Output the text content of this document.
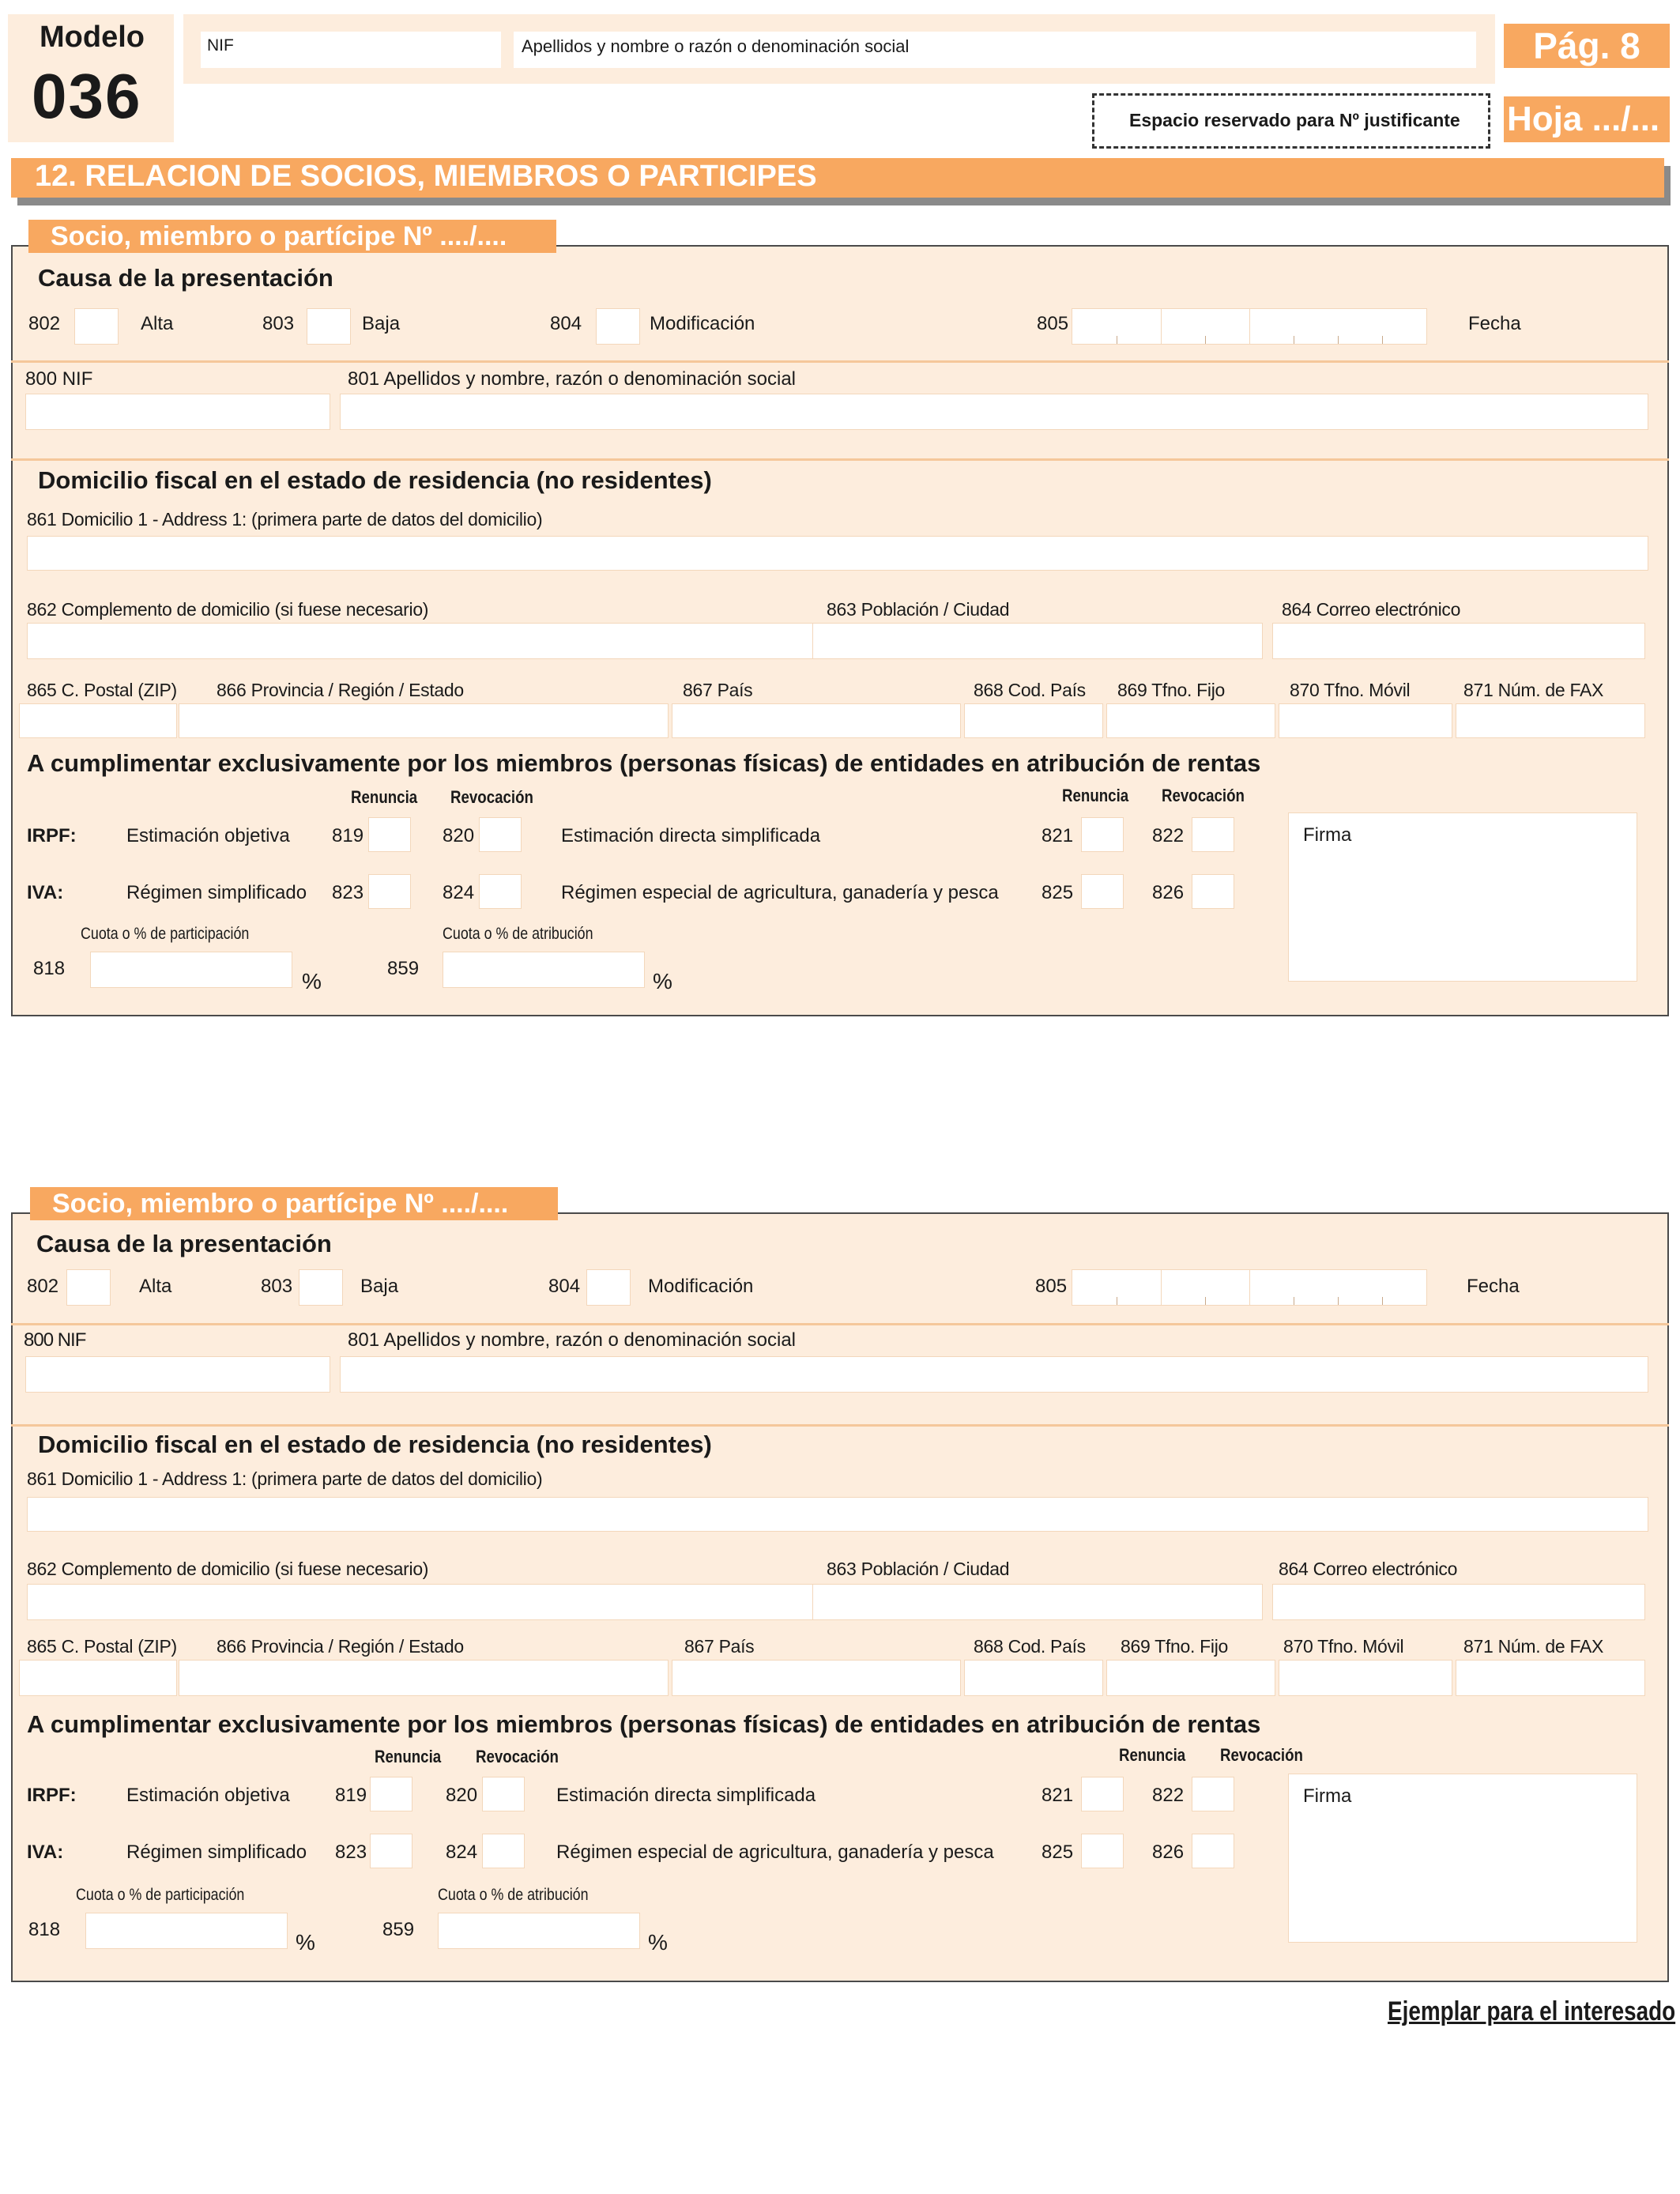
Modelo
036
NIF	Apellidos y nombre o razón o denominación social	Pág. 8
Espacio reservado para Nº justificante Hoja .../...
12. RELACION DE SOCIOS, MIEMBROS O PARTICIPES
Socio, miembro o partícipe Nº ..../....
Causa de la presentación
802	Alta	803	Baja	804	Modificación	805	Fecha
800 NIF	801 Apellidos y nombre, razón o denominación social
Domicilio fiscal en el estado de residencia (no residentes)
861 Domicilio 1 - Address 1: (primera parte de datos del domicilio)
862 Complemento de domicilio (si fuese necesario)	863 Población / Ciudad	864 Correo electrónico
865 C. Postal (ZIP) 866 Provincia / Región / Estado	867 País	868 Cod. País 869 Tfno. Fijo	870 Tfno. Móvil	871 Núm. de FAX
A cumplimentar exclusivamente por los miembros (personas físicas) de entidades en atribución de rentas
Renuncia Revocación	Renuncia Revocación
IRPF:	Estimación objetiva 819	820	Estimación directa simplificada	821	822
IVA:	Régimen simplificado 823	824	Régimen especial de agricultura, ganadería y pesca 825	826
Firma
Cuota o % de participación	Cuota o % de atribución
818
%
859
%
Socio, miembro o partícipe Nº ..../....
Causa de la presentación
802	Alta	803	Baja	804	Modificación	805	Fecha
800 NIF	801 Apellidos y nombre, razón o denominación social
Domicilio fiscal en el estado de residencia (no residentes)
861 Domicilio 1 - Address 1: (primera parte de datos del domicilio)
862 Complemento de domicilio (si fuese necesario)	863 Población / Ciudad	864 Correo electrónico
865 C. Postal (ZIP) 866 Provincia / Región / Estado	867 País	868 Cod. País 869 Tfno. Fijo	870 Tfno. Móvil	871 Núm. de FAX
A cumplimentar exclusivamente por los miembros (personas físicas) de entidades en atribución de rentas
Renuncia Revocación	Renuncia Revocación
IRPF:	Estimación objetiva 819	820	Estimación directa simplificada	821	822
IVA:	Régimen simplificado 823	824	Régimen especial de agricultura, ganadería y pesca	825	826
Firma
Cuota o % de participación	Cuota o % de atribución
818
%
859
%
Ejemplar para el interesado
